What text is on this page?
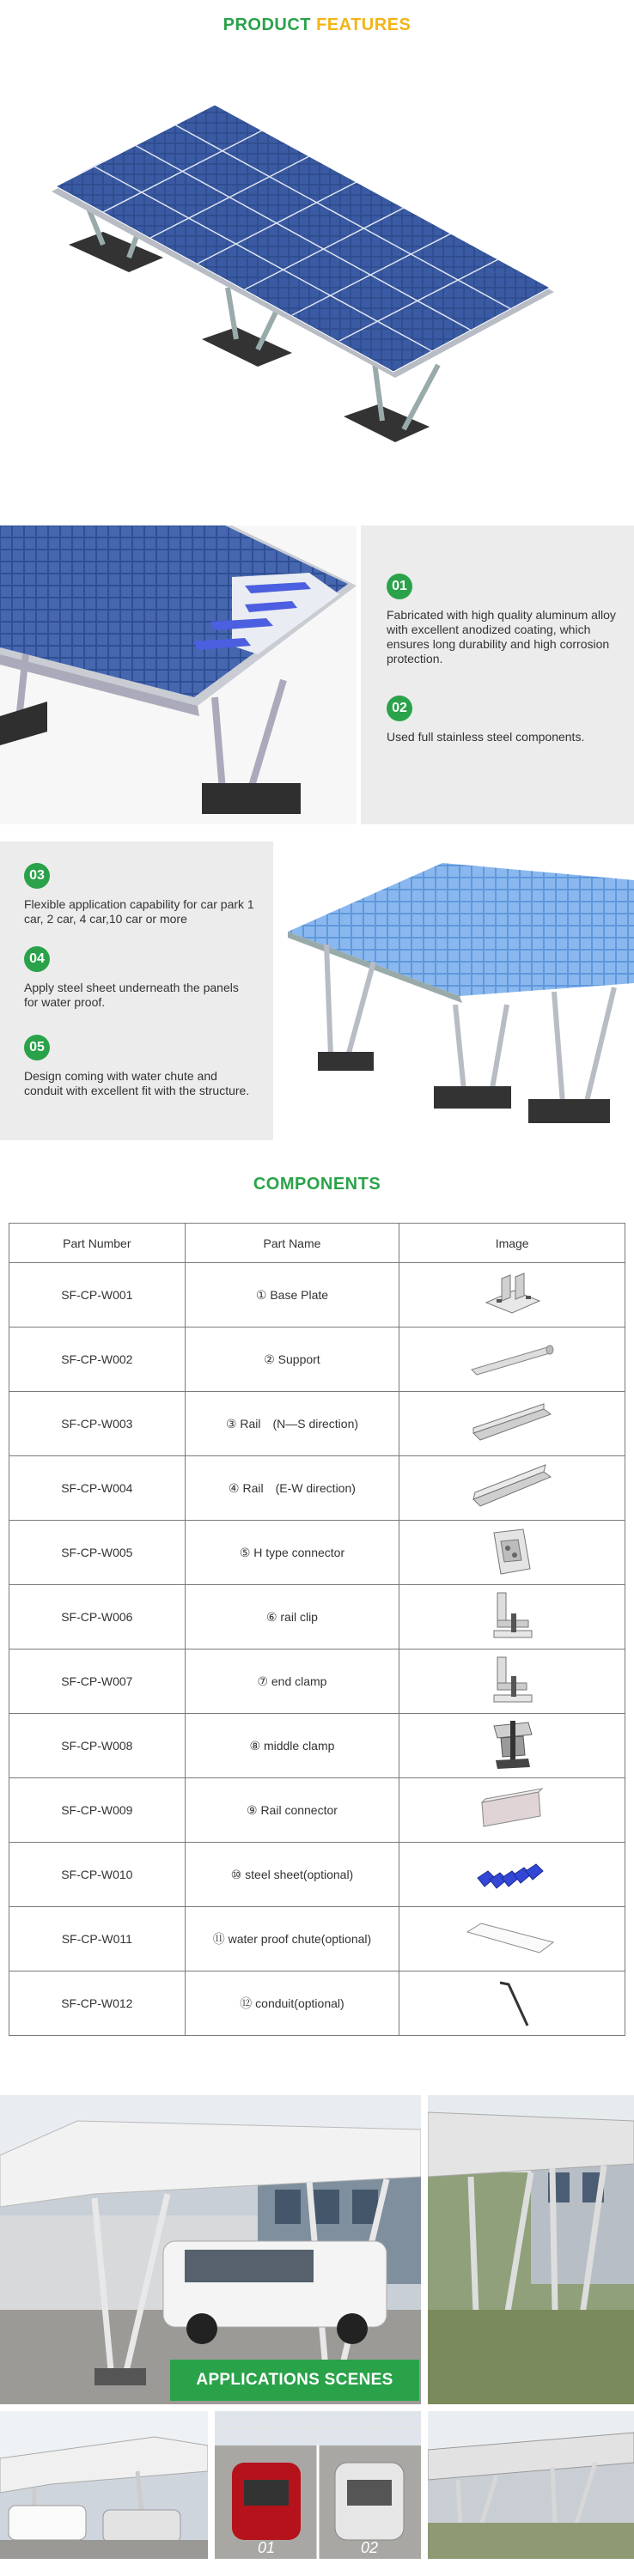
PRODUCT FEATURES
01
Fabricated with high quality aluminum alloy with excellent anodized coating, which ensures long durability and high corrosion protection.
02
Used full stainless steel components.
03
Flexible application capability for car park 1 car, 2 car, 4 car,10 car or more
04
Apply steel sheet underneath the panels for water proof.
05
Design coming with water chute and conduit with excellent fit with the structure.
COMPONENTS
Part Number	Part Name	Image
SF-CP-W001	① Base Plate	
SF-CP-W002	② Support	
SF-CP-W003	③ Rail　(N—S direction)	
SF-CP-W004	④ Rail　(E-W direction)	
SF-CP-W005	⑤ H type connector	
SF-CP-W006	⑥ rail clip	
SF-CP-W007	⑦ end clamp	
SF-CP-W008	⑧ middle clamp	
SF-CP-W009	⑨ Rail connector	
SF-CP-W010	⑩ steel sheet(optional)	
SF-CP-W011	⑪ water proof chute(optional)	
SF-CP-W012	⑫ conduit(optional)	
APPLICATIONS SCENES
01	02
